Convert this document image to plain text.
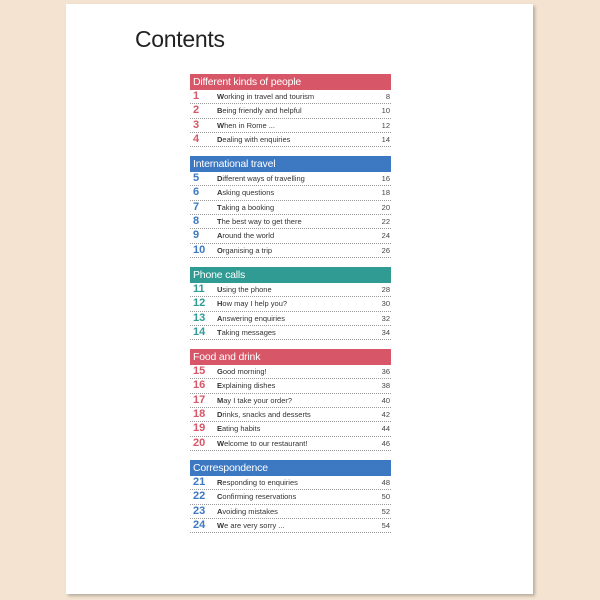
Contents
Different kinds of people
1	Working in travel and tourism	8
2	Being friendly and helpful	10
3	When in Rome ...	12
4	Dealing with enquiries	14
International travel
5	Different ways of travelling	16
6	Asking questions	18
7	Taking a booking	20
8	The best way to get there	22
9	Around the world	24
10	Organising a trip	26
Phone calls
11	Using the phone	28
12	How may I help you?	30
13	Answering enquiries	32
14	Taking messages	34
Food and drink
15	Good morning!	36
16	Explaining dishes	38
17	May I take your order?	40
18	Drinks, snacks and desserts	42
19	Eating habits	44
20	Welcome to our restaurant!	46
Correspondence
21	Responding to enquiries	48
22	Confirming reservations	50
23	Avoiding mistakes	52
24	We are very sorry ...	54
